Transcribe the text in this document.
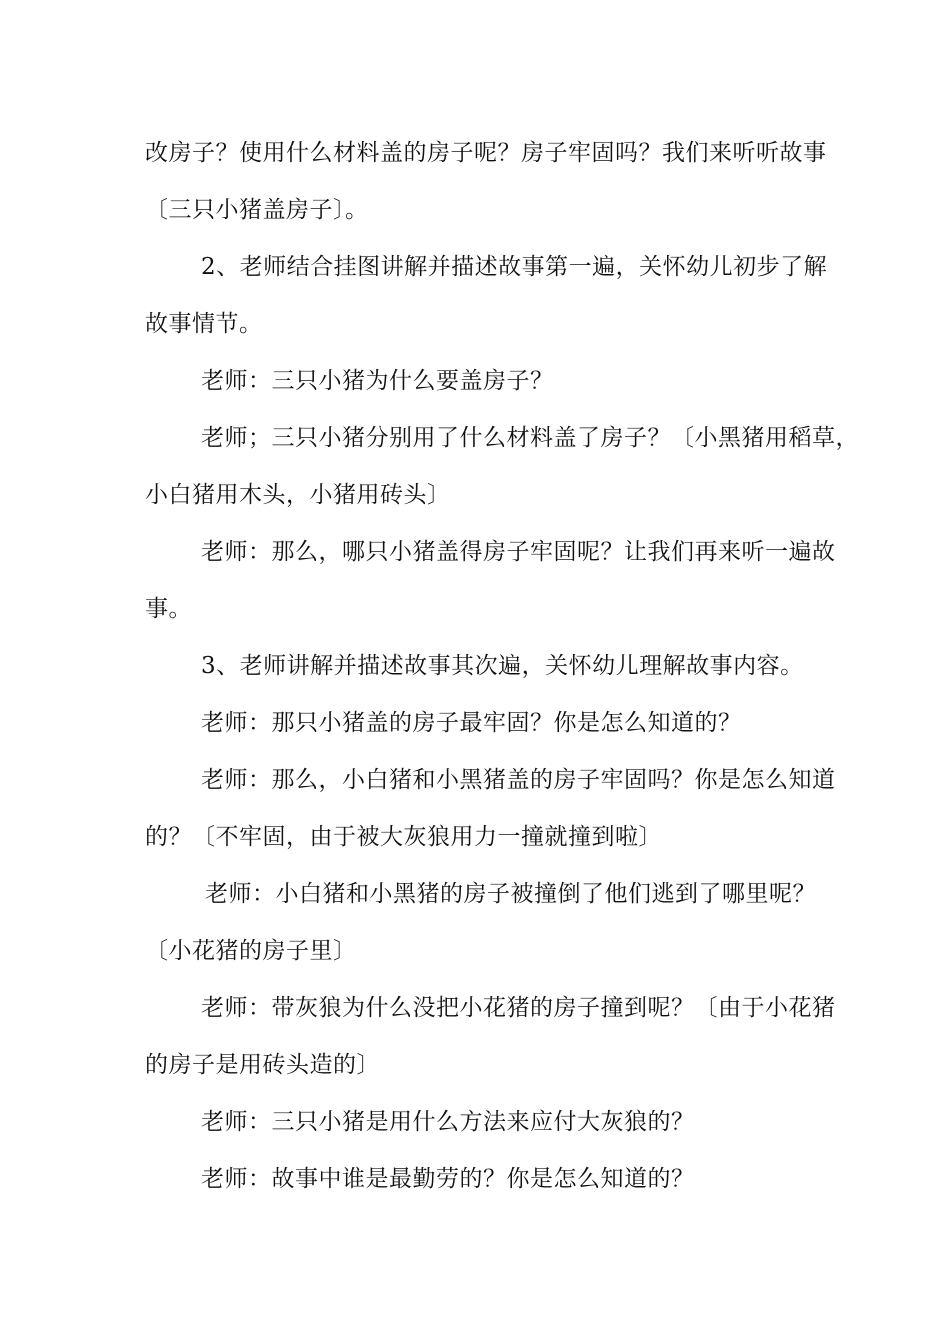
改房子？使用什么材料盖的房子呢？房子牢固吗？我们来听听故事
〔三只小猪盖房子〕。
2、老师结合挂图讲解并描述故事第一遍，关怀幼儿初步了解
故事情节。
老师：三只小猪为什么要盖房子？
老师；三只小猪分别用了什么材料盖了房子？〔小黑猪用稻草，
小白猪用木头，小猪用砖头〕
老师：那么，哪只小猪盖得房子牢固呢？让我们再来听一遍故
事。
3、老师讲解并描述故事其次遍，关怀幼儿理解故事内容。
老师：那只小猪盖的房子最牢固？你是怎么知道的？
老师：那么，小白猪和小黑猪盖的房子牢固吗？你是怎么知道
的？〔不牢固，由于被大灰狼用力一撞就撞到啦〕
老师：小白猪和小黑猪的房子被撞倒了他们逃到了哪里呢？
〔小花猪的房子里〕
老师：带灰狼为什么没把小花猪的房子撞到呢？〔由于小花猪
的房子是用砖头造的〕
老师：三只小猪是用什么方法来应付大灰狼的？
老师：故事中谁是最勤劳的？你是怎么知道的？
